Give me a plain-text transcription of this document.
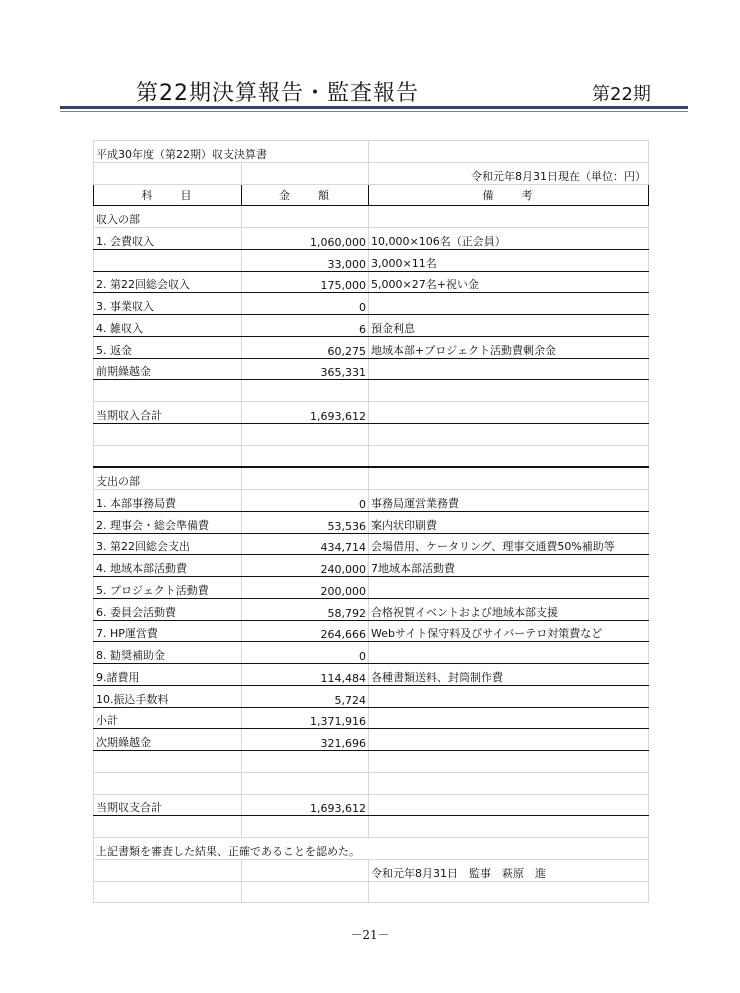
第22期決算報告・監査報告	第22期
平成30年度（第22期）収支決算書		
		令和元年8月31日現在（単位：円）
科　　目	金　　額	備　　考
収入の部		
1. 会費収入	1,060,000	10,000×106名（正会員）
	33,000	3,000×11名
2. 第22回総会収入	175,000	5,000×27名+祝い金
3. 事業収入	0	
4. 雑収入	6	預金利息
5. 返金	60,275	地域本部+プロジェクト活動費剰余金
前期繰越金	365,331	

当期収入合計	1,693,612	

支出の部		
1. 本部事務局費	0	事務局運営業務費
2. 理事会・総会準備費	53,536	案内状印刷費
3. 第22回総会支出	434,714	会場借用、ケータリング、理事交通費50%補助等
4. 地域本部活動費	240,000	7地域本部活動費
5. プロジェクト活動費	200,000	
6. 委員会活動費	58,792	合格祝賀イベントおよび地域本部支援
7. HP運営費	264,666	Webサイト保守料及びサイバーテロ対策費など
8. 勧奨補助金	0	
9.諸費用	114,484	各種書類送料、封筒制作費
10.振込手数料	5,724	
小計	1,371,916	
次期繰越金	321,696	

当期収支合計	1,693,612	

上記書類を審査した結果、正確であることを認めた。		
		令和元年8月31日　監事　萩原　進

－21－
